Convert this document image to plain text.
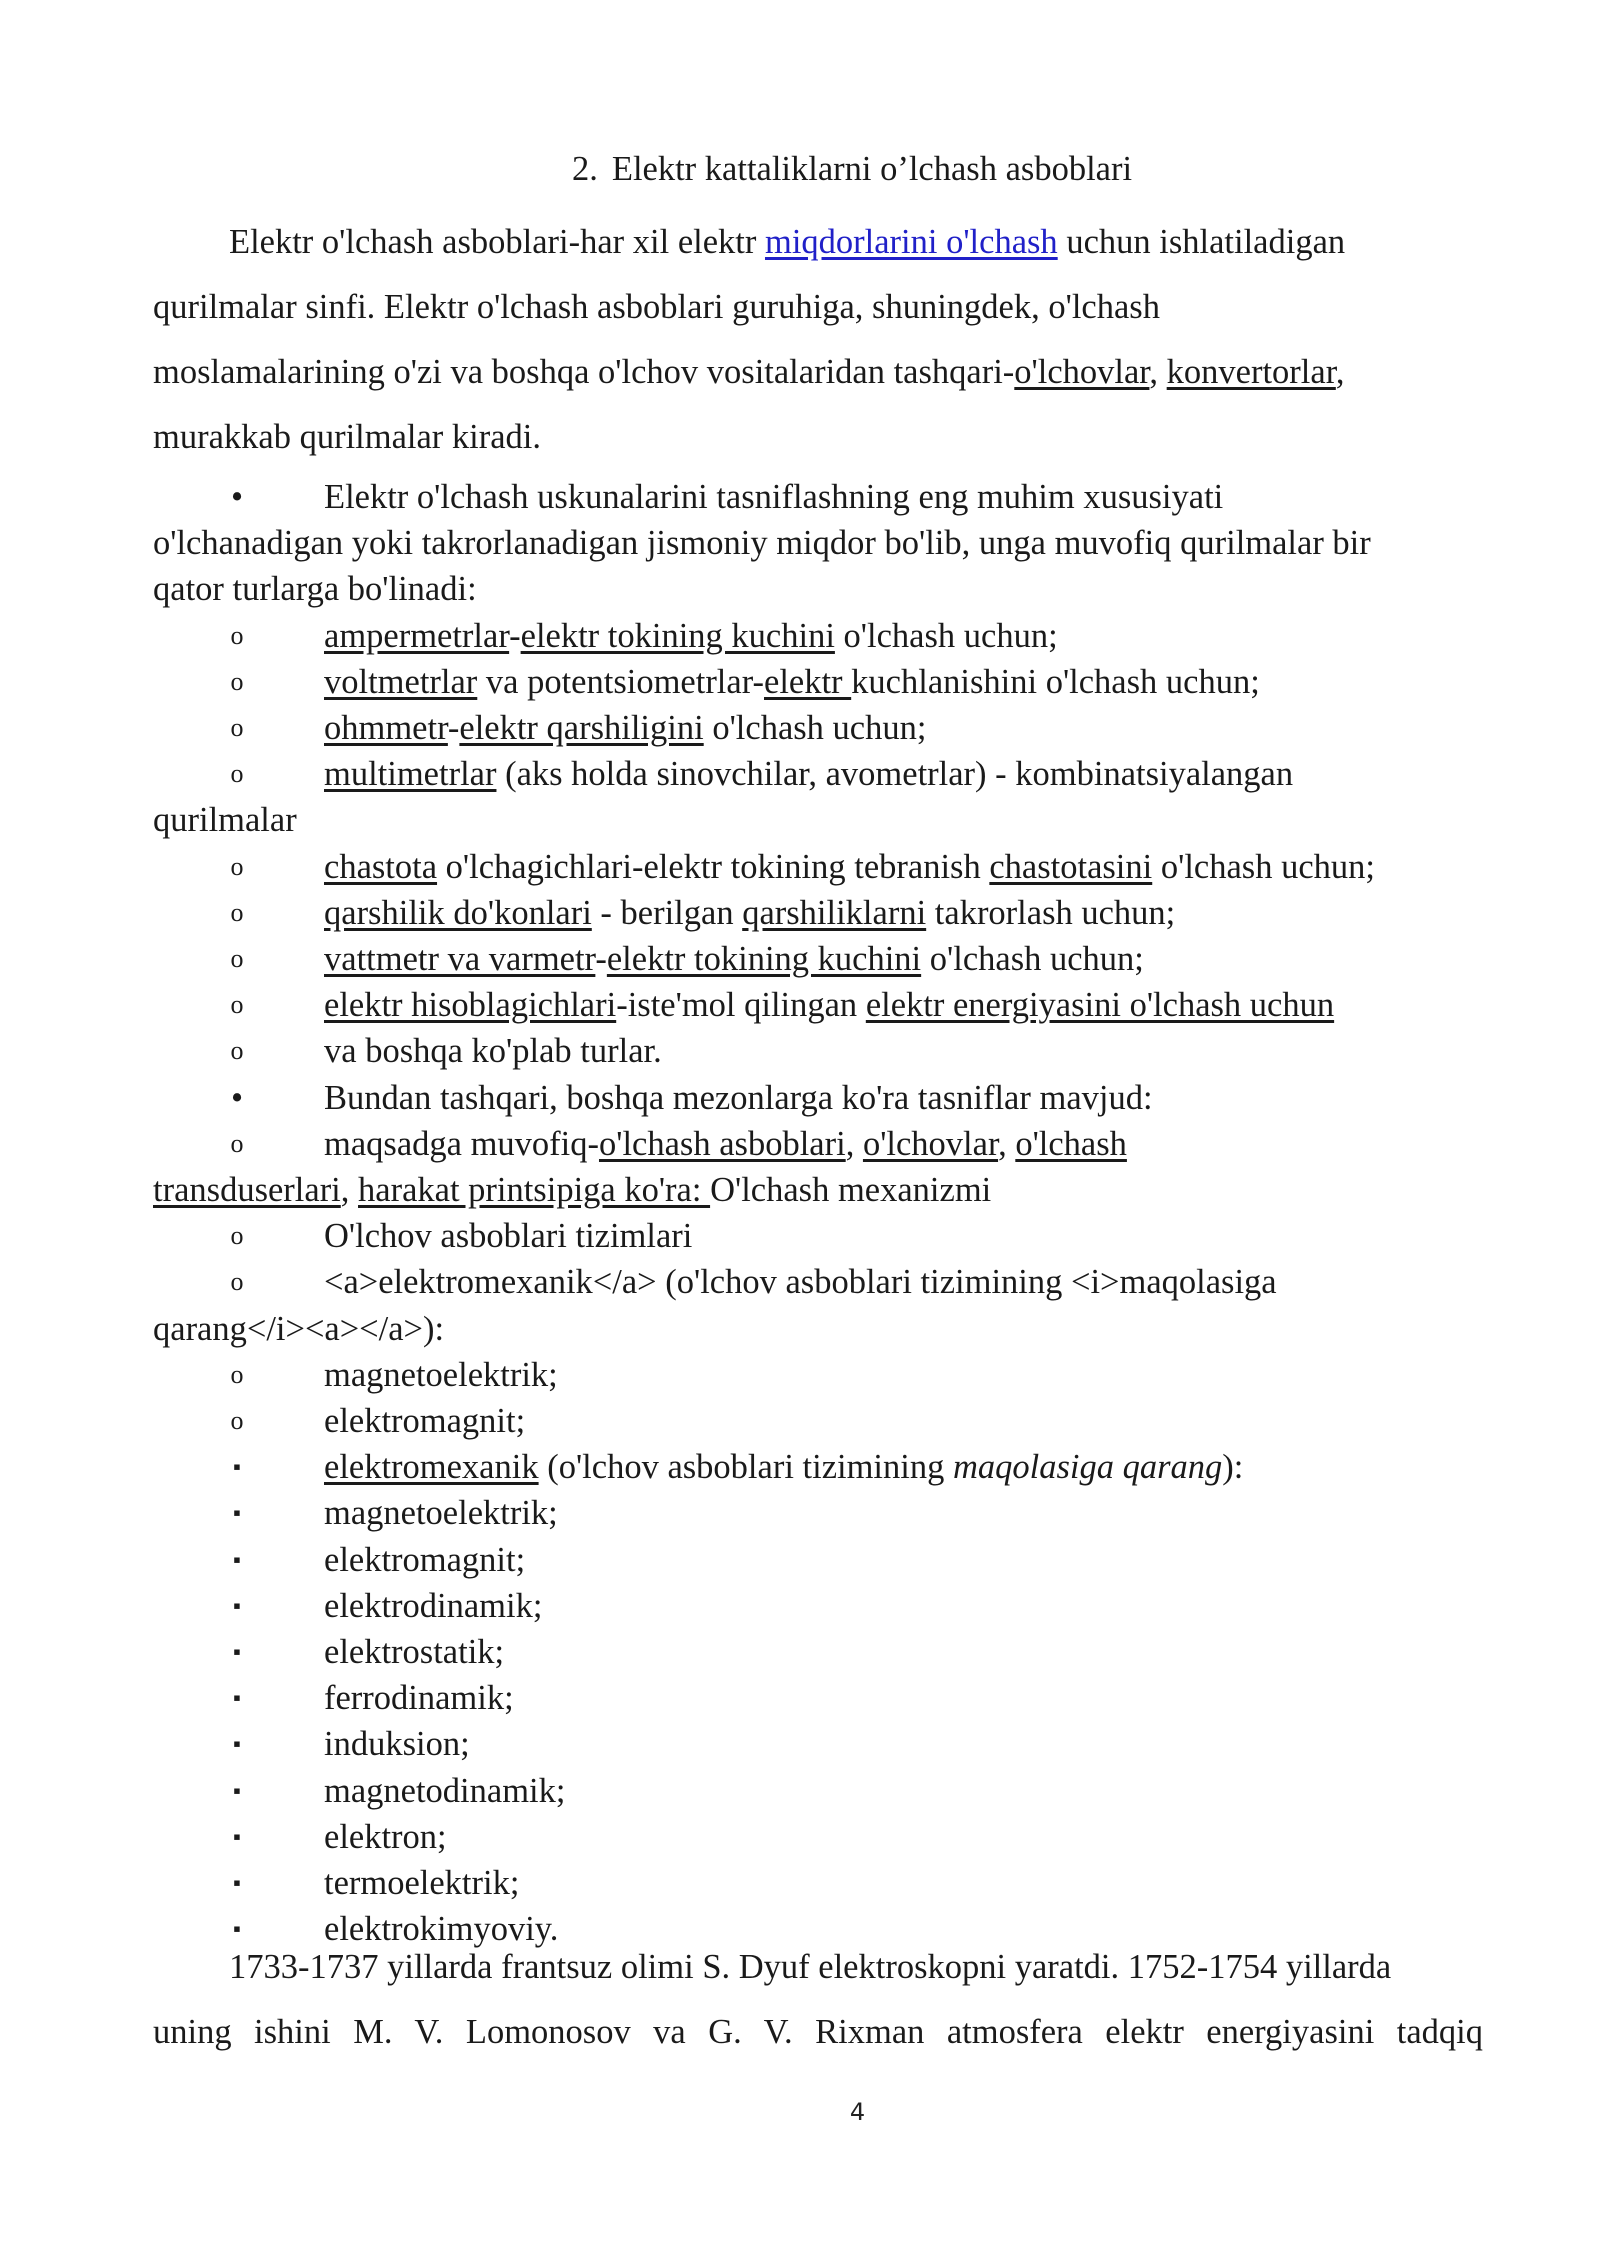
2. Elektr kattaliklarni o’lchash asboblari
Elektr o'lchash asboblari-har xil elektr miqdorlarini o'lchash uchun ishlatiladigan
qurilmalar sinfi. Elektr o'lchash asboblari guruhiga, shuningdek, o'lchash
moslamalarining o'zi va boshqa o'lchov vositalaridan tashqari-o'lchovlar, konvertorlar,
murakkab qurilmalar kiradi.
• Elektr o'lchash uskunalarini tasniflashning eng muhim xususiyati
o'lchanadigan yoki takrorlanadigan jismoniy miqdor bo'lib, unga muvofiq qurilmalar bir
qator turlarga bo'linadi:
o ampermetrlar-elektr tokining kuchini o'lchash uchun;
o voltmetrlar va potentsiometrlar-elektr kuchlanishini o'lchash uchun;
o ohmmetr-elektr qarshiligini o'lchash uchun;
o multimetrlar (aks holda sinovchilar, avometrlar) - kombinatsiyalangan
qurilmalar
o chastota o'lchagichlari-elektr tokining tebranish chastotasini o'lchash uchun;
o qarshilik do'konlari - berilgan qarshiliklarni takrorlash uchun;
o vattmetr va varmetr-elektr tokining kuchini o'lchash uchun;
o elektr hisoblagichlari-iste'mol qilingan elektr energiyasini o'lchash uchun
o va boshqa ko'plab turlar.
• Bundan tashqari, boshqa mezonlarga ko'ra tasniflar mavjud:
o maqsadga muvofiq-o'lchash asboblari, o'lchovlar, o'lchash
transduserlari, harakat printsipiga ko'ra: O'lchash mexanizmi
o O'lchov asboblari tizimlari
o <a>elektromexanik</a> (o'lchov asboblari tizimining <i>maqolasiga
qarang</i><a></a>):
o magnetoelektrik;
o elektromagnit;
▪ elektromexanik (o'lchov asboblari tizimining maqolasiga qarang):
▪ magnetoelektrik;
▪ elektromagnit;
▪ elektrodinamik;
▪ elektrostatik;
▪ ferrodinamik;
▪ induksion;
▪ magnetodinamik;
▪ elektron;
▪ termoelektrik;
▪ elektrokimyoviy.
1733-1737 yillarda frantsuz olimi S. Dyuf elektroskopni yaratdi. 1752-1754 yillarda
uning ishini M. V. Lomonosov va G. V. Rixman atmosfera elektr energiyasini tadqiq
4
